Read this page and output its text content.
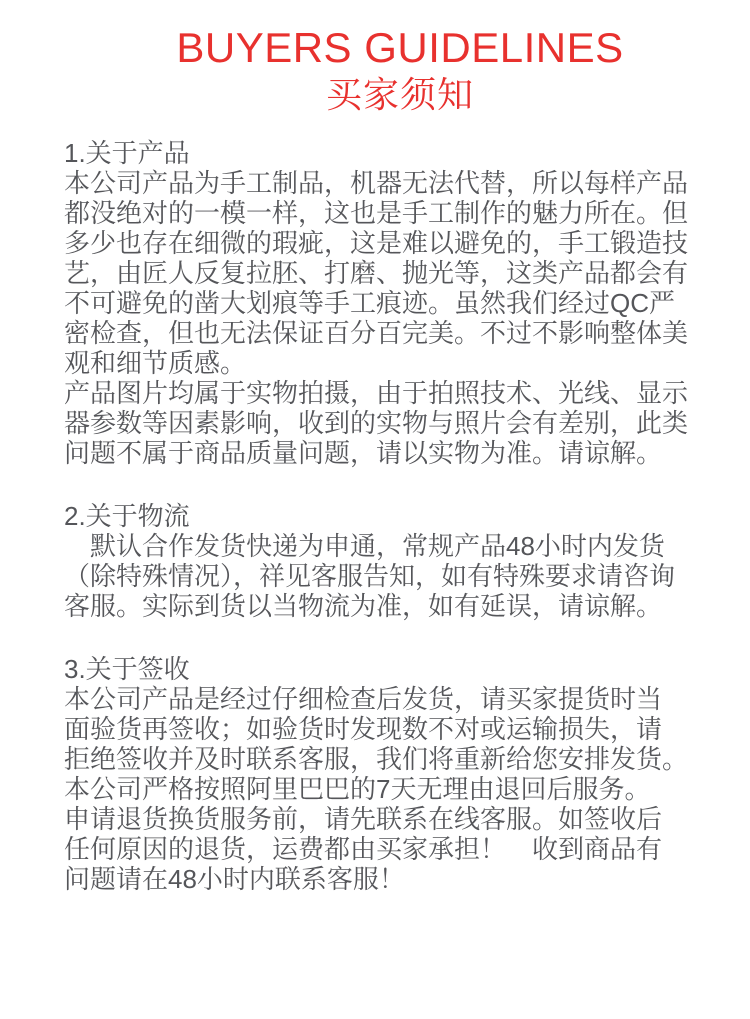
BUYERS GUIDELINES
买家须知
1.关于产品
本公司产品为手工制品，机器无法代替，所以每样产品
都没绝对的一模一样，这也是手工制作的魅力所在。但
多少也存在细微的瑕疵，这是难以避免的，手工锻造技
艺，由匠人反复拉胚、打磨、抛光等，这类产品都会有
不可避免的凿大划痕等手工痕迹。虽然我们经过QC严
密检查，但也无法保证百分百完美。不过不影响整体美
观和细节质感。
产品图片均属于实物拍摄，由于拍照技术、光线、显示
器参数等因素影响，收到的实物与照片会有差别，此类
问题不属于商品质量问题，请以实物为准。请谅解。
2.关于物流
　默认合作发货快递为申通，常规产品48小时内发货
（除特殊情况），祥见客服告知，如有特殊要求请咨询
客服。实际到货以当物流为准，如有延误，请谅解。
3.关于签收
本公司产品是经过仔细检查后发货，请买家提货时当
面验货再签收；如验货时发现数不对或运输损失，请
拒绝签收并及时联系客服，我们将重新给您安排发货。
本公司严格按照阿里巴巴的7天无理由退回后服务。
申请退货换货服务前，请先联系在线客服。如签收后
任何原因的退货，运费都由买家承担！　收到商品有
问题请在48小时内联系客服！
